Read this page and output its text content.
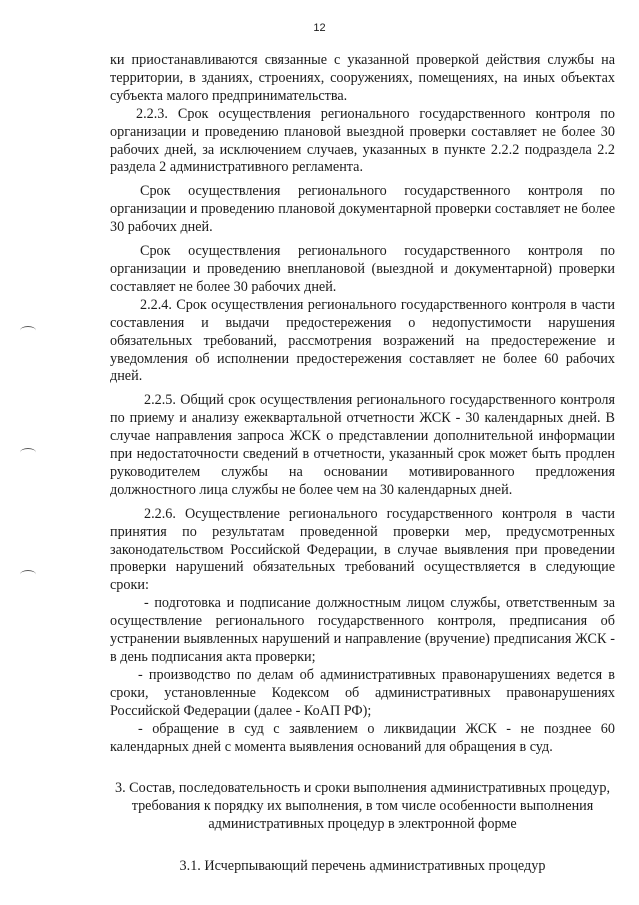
12

ки приостанавливаются связанные с указанной проверкой действия службы на территории, в зданиях, строениях, сооружениях, помещениях, на иных объектах субъекта малого предпринимательства.

2.2.3. Срок осуществления регионального государственного контроля по организации и проведению плановой выездной проверки составляет не более 30 рабочих дней, за исключением случаев, указанных в пункте 2.2.2 подраздела 2.2 раздела 2 административного регламента.

Срок осуществления регионального государственного контроля по организации и проведению плановой документарной проверки составляет не более 30 рабочих дней.

Срок осуществления регионального государственного контроля по организации и проведению внеплановой (выездной и документарной) проверки составляет не более 30 рабочих дней.

2.2.4. Срок осуществления регионального государственного контроля в части составления и выдачи предостережения о недопустимости нарушения обязательных требований, рассмотрения возражений на предостережение и уведомления об исполнении предостережения составляет не более 60 рабочих дней.

2.2.5. Общий срок осуществления регионального государственного контроля по приему и анализу ежеквартальной отчетности ЖСК - 30 календарных дней. В случае направления запроса ЖСК о представлении дополнительной информации при недостаточности сведений в отчетности, указанный срок может быть продлен руководителем службы на основании мотивированного предложения должностного лица службы не более чем на 30 календарных дней.

2.2.6. Осуществление регионального государственного контроля в части принятия по результатам проведенной проверки мер, предусмотренных законодательством Российской Федерации, в случае выявления при проведении проверки нарушений обязательных требований осуществляется в следующие сроки:

- подготовка и подписание должностным лицом службы, ответственным за осуществление регионального государственного контроля, предписания об устранении выявленных нарушений и направление (вручение) предписания ЖСК - в день подписания акта проверки;

- производство по делам об административных правонарушениях ведется в сроки, установленные Кодексом об административных правонарушениях Российской Федерации (далее - КоАП РФ);

- обращение в суд с заявлением о ликвидации ЖСК - не позднее 60 календарных дней с момента выявления оснований для обращения в суд.

3. Состав, последовательность и сроки выполнения административных процедур, требования к порядку их выполнения, в том числе особенности выполнения административных процедур в электронной форме

3.1. Исчерпывающий перечень административных процедур
